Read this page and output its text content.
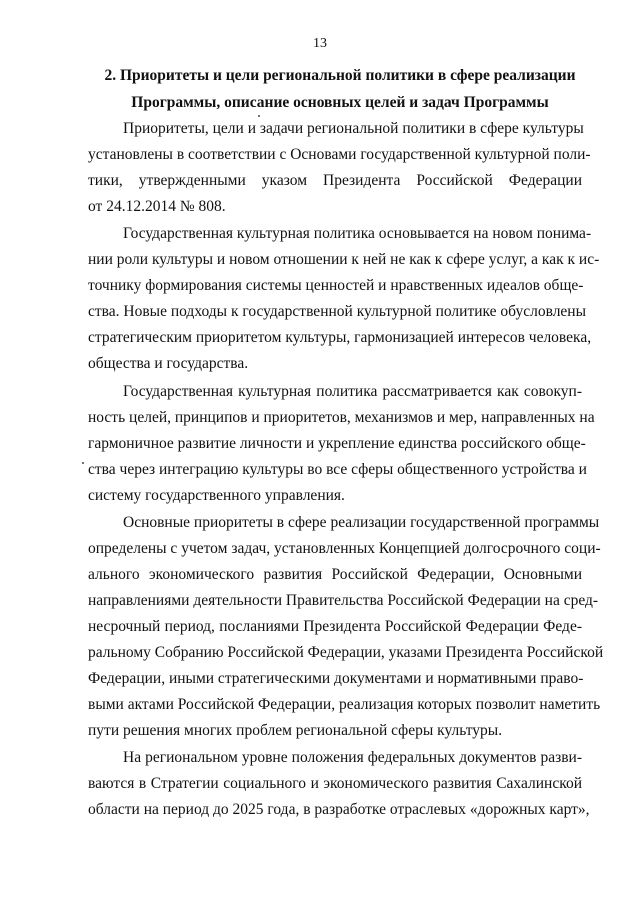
13
2. Приоритеты и цели региональной политики в сфере реализации
Программы, описание основных целей и задач Программы
Приоритеты, цели и задачи региональной политики в сфере культуры
установлены в соответствии с Основами государственной культурной поли-
тики, утвержденными указом Президента Российской Федерации
от 24.12.2014 № 808.
Государственная культурная политика основывается на новом понима-
нии роли культуры и новом отношении к ней не как к сфере услуг, а как к ис-
точнику формирования системы ценностей и нравственных идеалов обще-
ства. Новые подходы к государственной культурной политике обусловлены
стратегическим приоритетом культуры, гармонизацией интересов человека,
общества и государства.
Государственная культурная политика рассматривается как совокуп-
ность целей, принципов и приоритетов, механизмов и мер, направленных на
гармоничное развитие личности и укрепление единства российского обще-
ства через интеграцию культуры во все сферы общественного устройства и
систему государственного управления.
Основные приоритеты в сфере реализации государственной программы
определены с учетом задач, установленных Концепцией долгосрочного соци-
ального экономического развития Российской Федерации, Основными
направлениями деятельности Правительства Российской Федерации на сред-
несрочный период, посланиями Президента Российской Федерации Феде-
ральному Собранию Российской Федерации, указами Президента Российской
Федерации, иными стратегическими документами и нормативными право-
выми актами Российской Федерации, реализация которых позволит наметить
пути решения многих проблем региональной сферы культуры.
На региональном уровне положения федеральных документов разви-
ваются в Стратегии социального и экономического развития Сахалинской
области на период до 2025 года, в разработке отраслевых «дорожных карт»,
